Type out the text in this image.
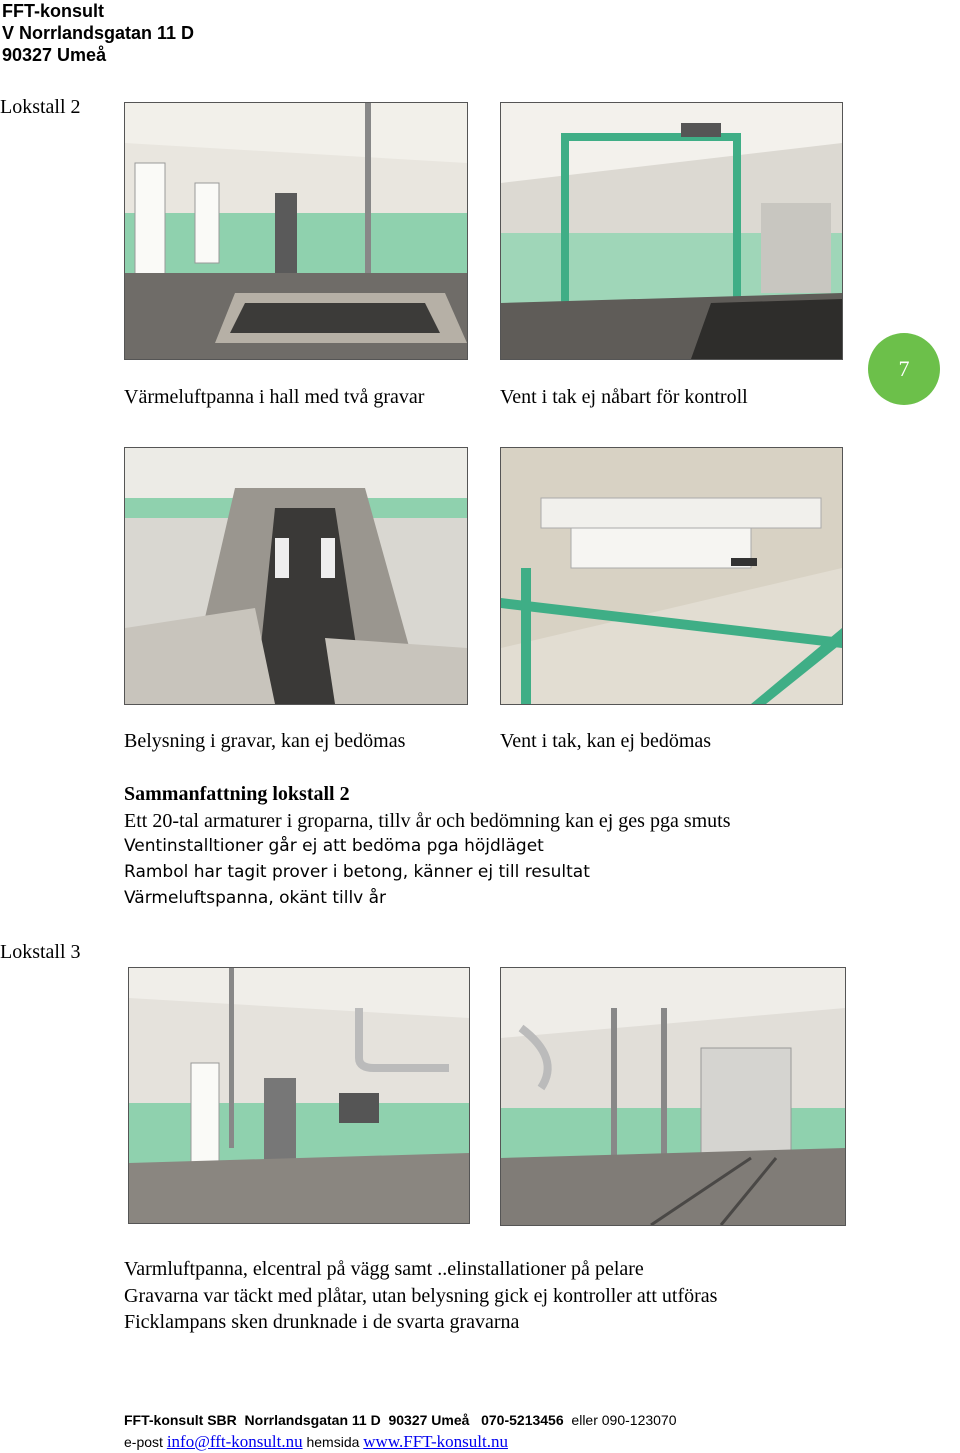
FFT-konsult
V Norrlandsgatan 11 D
90327 Umeå
Lokstall 2
7
Värmeluftpanna i hall med två gravar	Vent i tak ej nåbart för kontroll
Belysning i gravar, kan ej bedömas	Vent i tak, kan ej bedömas
Sammanfattning lokstall 2
Ett 20-tal armaturer i groparna, tillv år och bedömning kan ej ges pga smuts
Ventinstalltioner går ej att bedöma pga höjdläget
Rambol har tagit prover i betong, känner ej till resultat
Värmeluftspanna, okänt tillv år
Lokstall 3
Varmluftpanna, elcentral på vägg samt ..elinstallationer på pelare
Gravarna var täckt med plåtar, utan belysning gick ej kontroller att utföras
Ficklampans sken drunknade i de svarta gravarna
FFT-konsult SBR  Norrlandsgatan 11 D  90327 Umeå   070-5213456  eller 090-123070
e-post info@fft-konsult.nu hemsida www.FFT-konsult.nu
